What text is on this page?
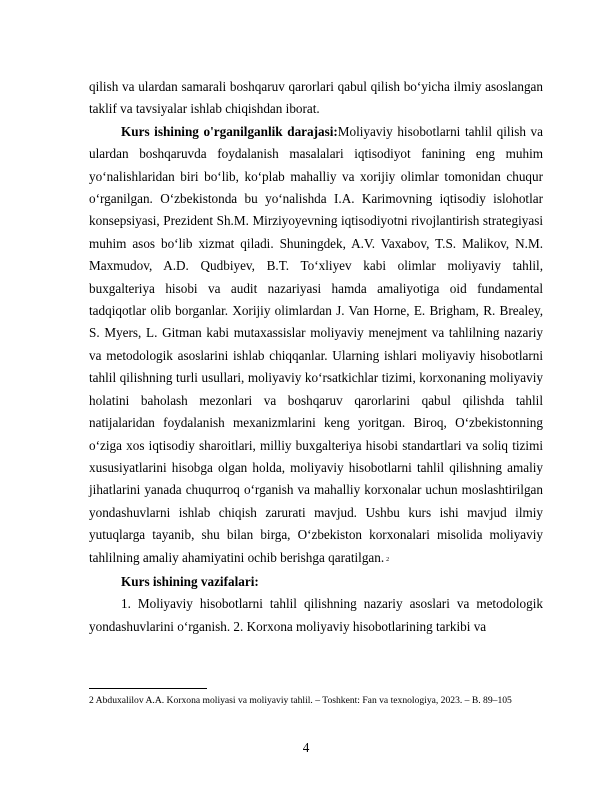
qilish va ulardan samarali boshqaruv qarorlari qabul qilish boʻyicha ilmiy asoslangan taklif va tavsiyalar ishlab chiqishdan iborat.

Kurs ishining o'rganilganlik darajasi:Moliyaviy hisobotlarni tahlil qilish va ulardan boshqaruvda foydalanish masalalari iqtisodiyot fanining eng muhim yoʻnalishlaridan biri boʻlib, koʻplab mahalliy va xorijiy olimlar tomonidan chuqur oʻrganilgan. Oʻzbekistonda bu yoʻnalishda I.A. Karimovning iqtisodiy islohotlar konsepsiyasi, Prezident Sh.M. Mirziyoyevning iqtisodiyotni rivojlantirish strategiyasi muhim asos boʻlib xizmat qiladi. Shuningdek, A.V. Vaxabov, T.S. Malikov, N.M. Maxmudov, A.D. Qudbiyev, B.T. Toʻxliyev kabi olimlar moliyaviy tahlil, buxgalteriya hisobi va audit nazariyasi hamda amaliyotiga oid fundamental tadqiqotlar olib borganlar. Xorijiy olimlardan J. Van Horne, E. Brigham, R. Brealey, S. Myers, L. Gitman kabi mutaxassislar moliyaviy menejment va tahlilning nazariy va metodologik asoslarini ishlab chiqqanlar. Ularning ishlari moliyaviy hisobotlarni tahlil qilishning turli usullari, moliyaviy koʻrsatkichlar tizimi, korxonaning moliyaviy holatini baholash mezonlari va boshqaruv qarorlarini qabul qilishda tahlil natijalaridan foydalanish mexanizmlarini keng yoritgan. Biroq, Oʻzbekistonning oʻziga xos iqtisodiy sharoitlari, milliy buxgalteriya hisobi standartlari va soliq tizimi xususiyatlarini hisobga olgan holda, moliyaviy hisobotlarni tahlil qilishning amaliy jihatlarini yanada chuqurroq oʻrganish va mahalliy korxonalar uchun moslashtirilgan yondashuvlarni ishlab chiqish zarurati mavjud. Ushbu kurs ishi mavjud ilmiy yutuqlarga tayanib, shu bilan birga, Oʻzbekiston korxonalari misolida moliyaviy tahlilning amaliy ahamiyatini ochib berishga qaratilgan. 2

Kurs ishining vazifalari:

1. Moliyaviy hisobotlarni tahlil qilishning nazariy asoslari va metodologik yondashuvlarini oʻrganish. 2. Korxona moliyaviy hisobotlarining tarkibi va

2 Abduxalilov A.A. Korxona moliyasi va moliyaviy tahlil. – Toshkent: Fan va texnologiya, 2023. – B. 89–105
4
